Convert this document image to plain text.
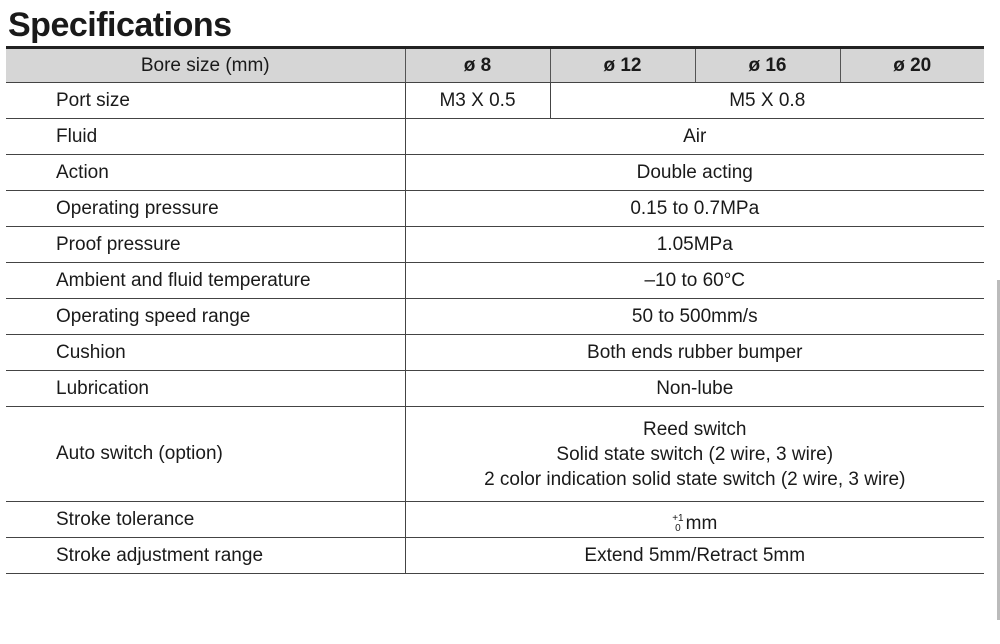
Specifications
Bore size (mm)	ø 8	ø 12	ø 16	ø 20
Port size	M3 X 0.5	M5 X 0.8		
Fluid	Air			
Action	Double acting			
Operating pressure	0.15 to 0.7MPa			
Proof pressure	1.05MPa			
Ambient and fluid temperature	–10 to 60°C			
Operating speed range	50 to 500mm/s			
Cushion	Both ends rubber bumper			
Lubrication	Non-lube			
Auto switch (option)	Reed switch
Solid state switch (2 wire, 3 wire)
2 color indication solid state switch (2 wire, 3 wire)			

Stroke tolerance	+1
0 mm			

Stroke adjustment range	Extend 5mm/Retract 5mm			
